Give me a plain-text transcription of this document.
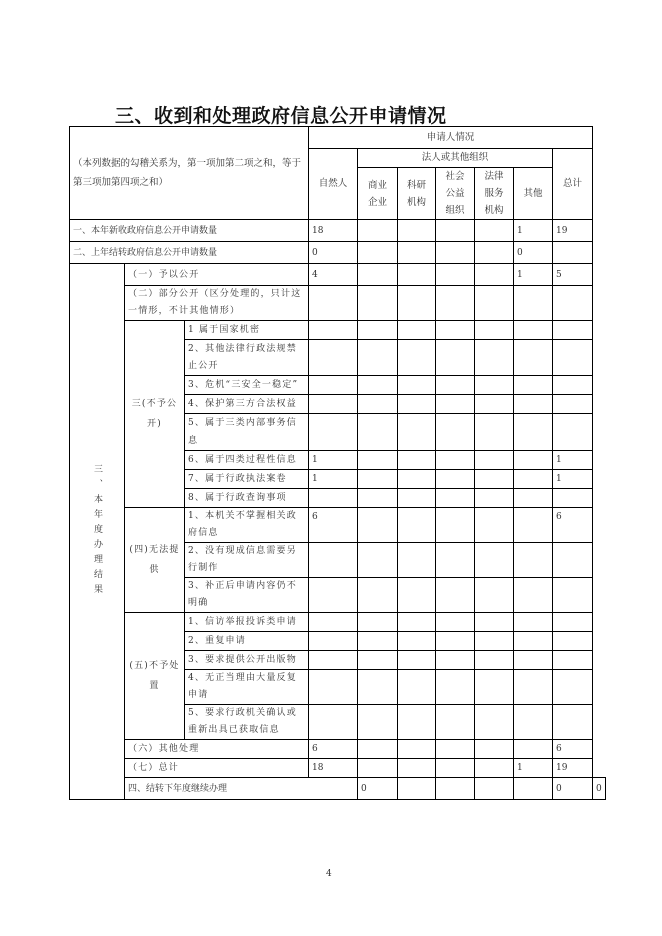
三、收到和处理政府信息公开申请情况
（本列数据的勾稽关系为，第一项加第二项之和，等于第三项加第四项之和）			申请人情况							
			自然人	法人或其他组织					总计	
				商业企业	科研机构	社会公益组织	法律服务机构	其他		
一、本年新收政府信息公开申请数量			18					1	19	
二、上年结转政府信息公开申请数量			0					0		
三、本年度办理结果	（一）予以公开		4					1	5	
	（二）部分公开（区分处理的，只计这一情形，不计其他情形）									
	三(不予公开)	1 属于国家机密								
		2、其他法律行政法规禁止公开								
		3、危机“三安全一稳定”								
		4、保护第三方合法权益								
		5、属于三类内部事务信息								
		6、属于四类过程性信息	1						1	
		7、属于行政执法案卷	1						1	
		8、属于行政查询事项								
	(四)无法提供	1、本机关不掌握相关政府信息	6						6	
		2、没有现成信息需要另行制作								
		3、补正后申请内容仍不明确								
	(五)不予处置	1、信访举报投诉类申请								
		2、重复申请								
		3、要求提供公开出版物								
		4、无正当理由大量反复申请								
		5、要求行政机关确认或重新出具已获取信息								
	（六）其他处理		6						6	
	（七）总计		18					1	19	
	四、结转下年度继续办理			0					0	0
4
